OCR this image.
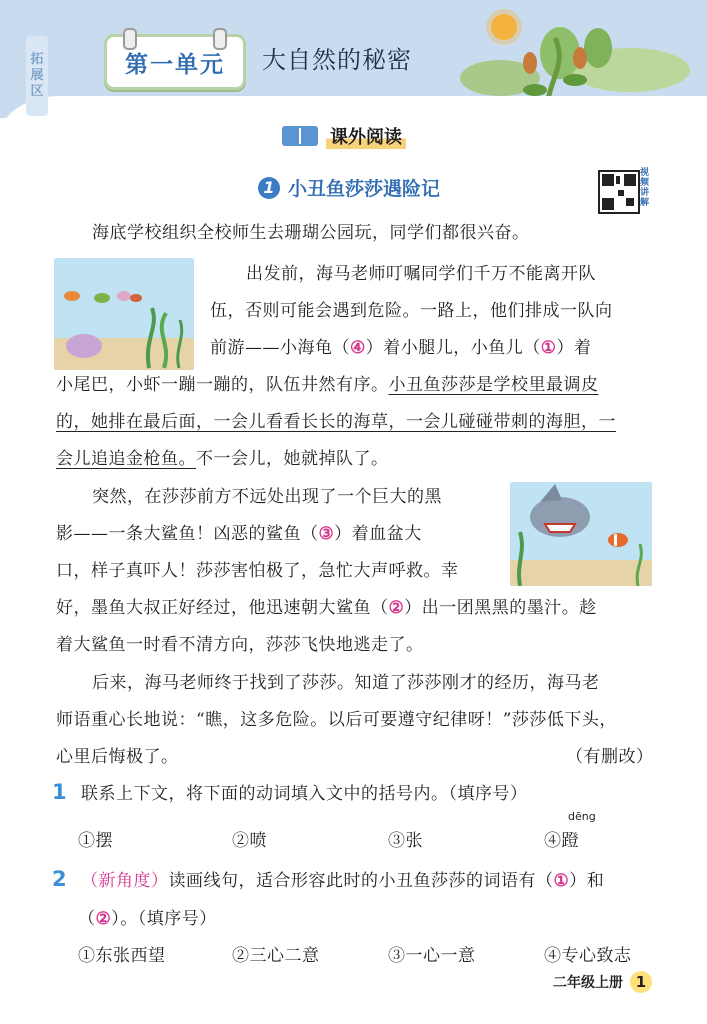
拓
展
区
第一单元 大自然的秘密
课外阅读
1 小丑鱼莎莎遇险记
视频讲解
海底学校组织全校师生去珊瑚公园玩，同学们都很兴奋。
出发前，海马老师叮嘱同学们千万不能离开队
伍，否则可能会遇到危险。一路上，他们排成一队向
前游——小海龟（④）着小腿儿，小鱼儿（①）着
小尾巴，小虾一蹦一蹦的，队伍井然有序。小丑鱼莎莎是学校里最调皮
的，她排在最后面，一会儿看看长长的海草，一会儿碰碰带刺的海胆，一
会儿追追金枪鱼。不一会儿，她就掉队了。
突然，在莎莎前方不远处出现了一个巨大的黑
影——一条大鲨鱼！凶恶的鲨鱼（③）着血盆大
口，样子真吓人！莎莎害怕极了，急忙大声呼救。幸
好，墨鱼大叔正好经过，他迅速朝大鲨鱼（②）出一团黑黑的墨汁。趁
着大鲨鱼一时看不清方向，莎莎飞快地逃走了。
后来，海马老师终于找到了莎莎。知道了莎莎刚才的经历，海马老
师语重心长地说：“瞧，这多危险。以后可要遵守纪律呀！”莎莎低下头，
心里后悔极了。	（有删改）
1 联系上下文，将下面的动词填入文中的括号内。（填序号）
dēng
①摆	②喷	③张	④蹬
2 （新角度）读画线句，适合形容此时的小丑鱼莎莎的词语有（①）和
（②）。（填序号）
①东张西望	②三心二意	③一心一意	④专心致志
二年级上册 1
